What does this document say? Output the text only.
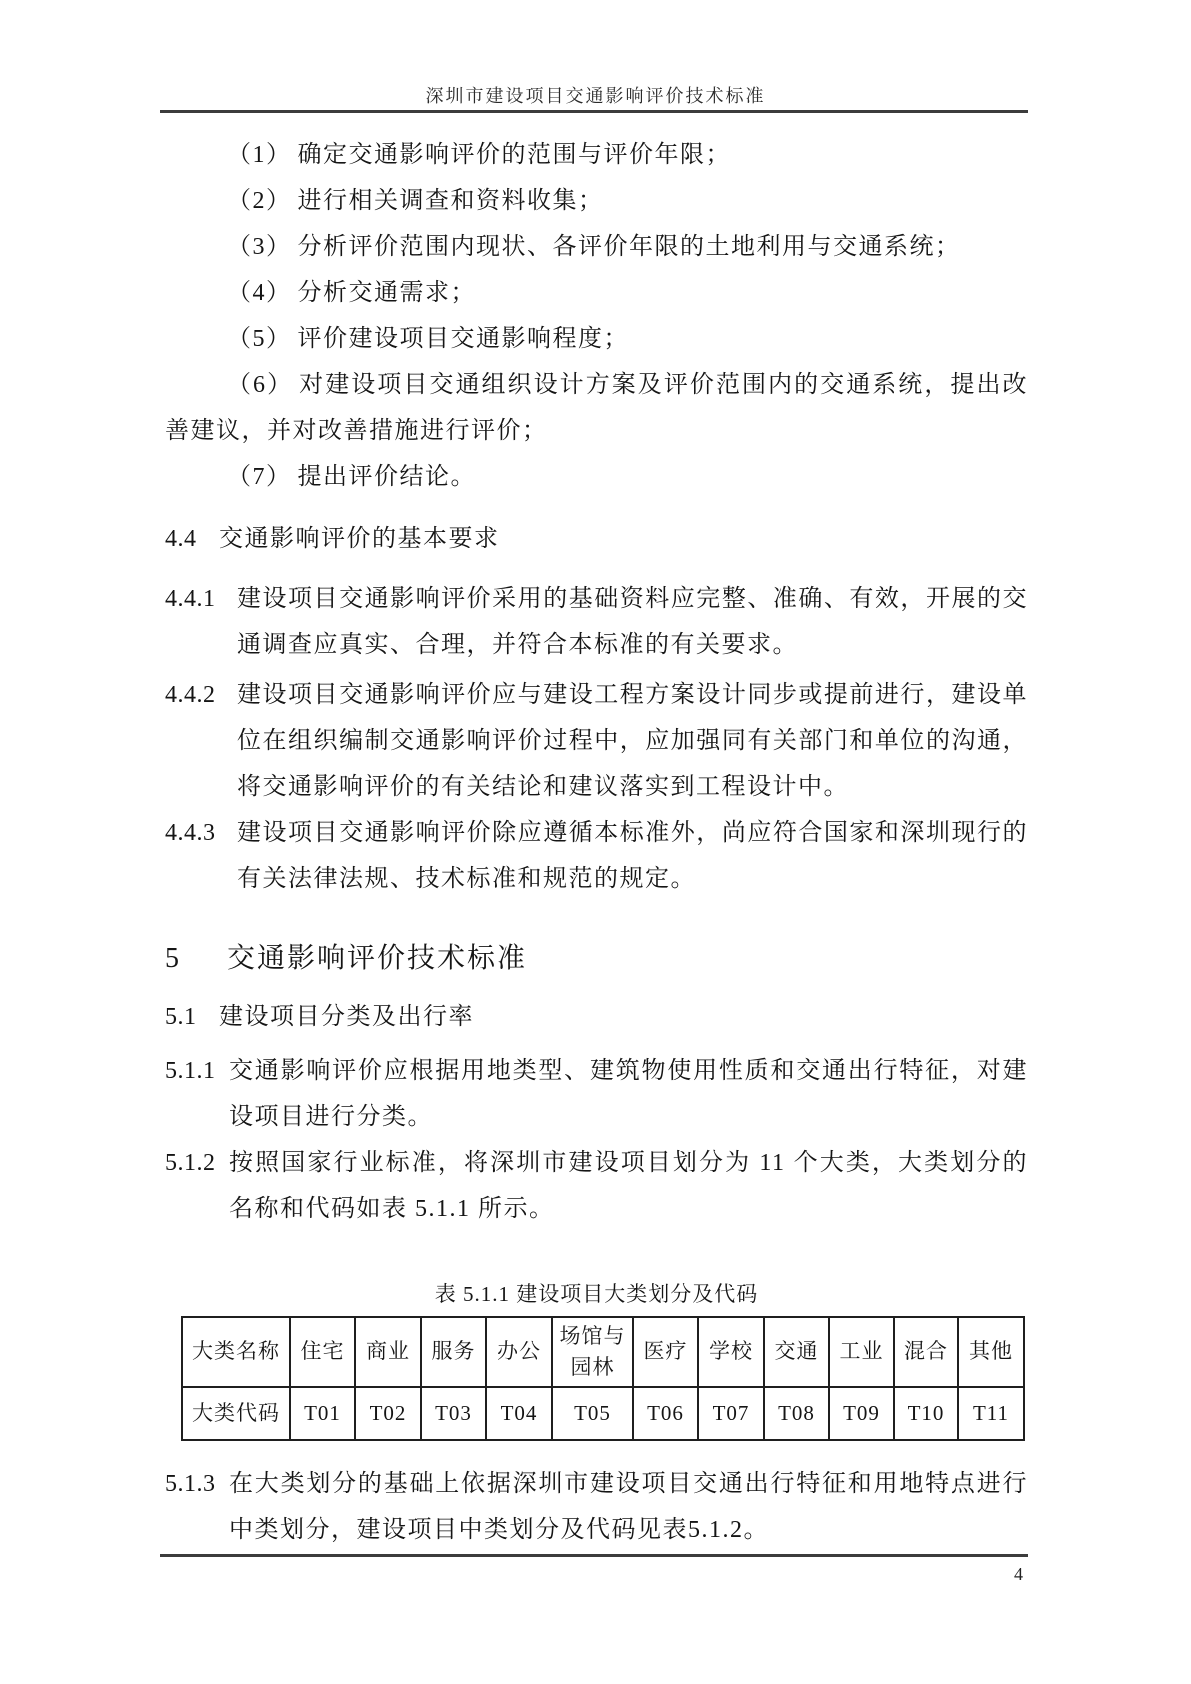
深圳市建设项目交通影响评价技术标准

（1） 确定交通影响评价的范围与评价年限；

（2） 进行相关调查和资料收集；

（3） 分析评价范围内现状、各评价年限的土地利用与交通系统；

（4） 分析交通需求；

（5） 评价建设项目交通影响程度；

（6） 对建设项目交通组织设计方案及评价范围内的交通系统，提出改善建议，并对改善措施进行评价；

（7） 提出评价结论。

4.4 交通影响评价的基本要求
4.4.1 建设项目交通影响评价采用的基础资料应完整、准确、有效，开展的交通调查应真实、合理，并符合本标准的有关要求。
4.4.2 建设项目交通影响评价应与建设工程方案设计同步或提前进行，建设单位在组织编制交通影响评价过程中，应加强同有关部门和单位的沟通，将交通影响评价的有关结论和建议落实到工程设计中。
4.4.3 建设项目交通影响评价除应遵循本标准外，尚应符合国家和深圳现行的有关法律法规、技术标准和规范的规定。
5	交通影响评价技术标准
5.1 建设项目分类及出行率
5.1.1 交通影响评价应根据用地类型、建筑物使用性质和交通出行特征，对建设项目进行分类。
5.1.2 按照国家行业标准，将深圳市建设项目划分为 11 个大类，大类划分的名称和代码如表 5.1.1 所示。
表 5.1.1 建设项目大类划分及代码
大类名称	住宅	商业	服务	办公	场馆与园林	医疗	学校	交通	工业	混合	其他
大类代码	T01	T02	T03	T04	T05	T06	T07	T08	T09	T10	T11
5.1.3 在大类划分的基础上依据深圳市建设项目交通出行特征和用地特点进行中类划分，建设项目中类划分及代码见表5.1.2。
4
